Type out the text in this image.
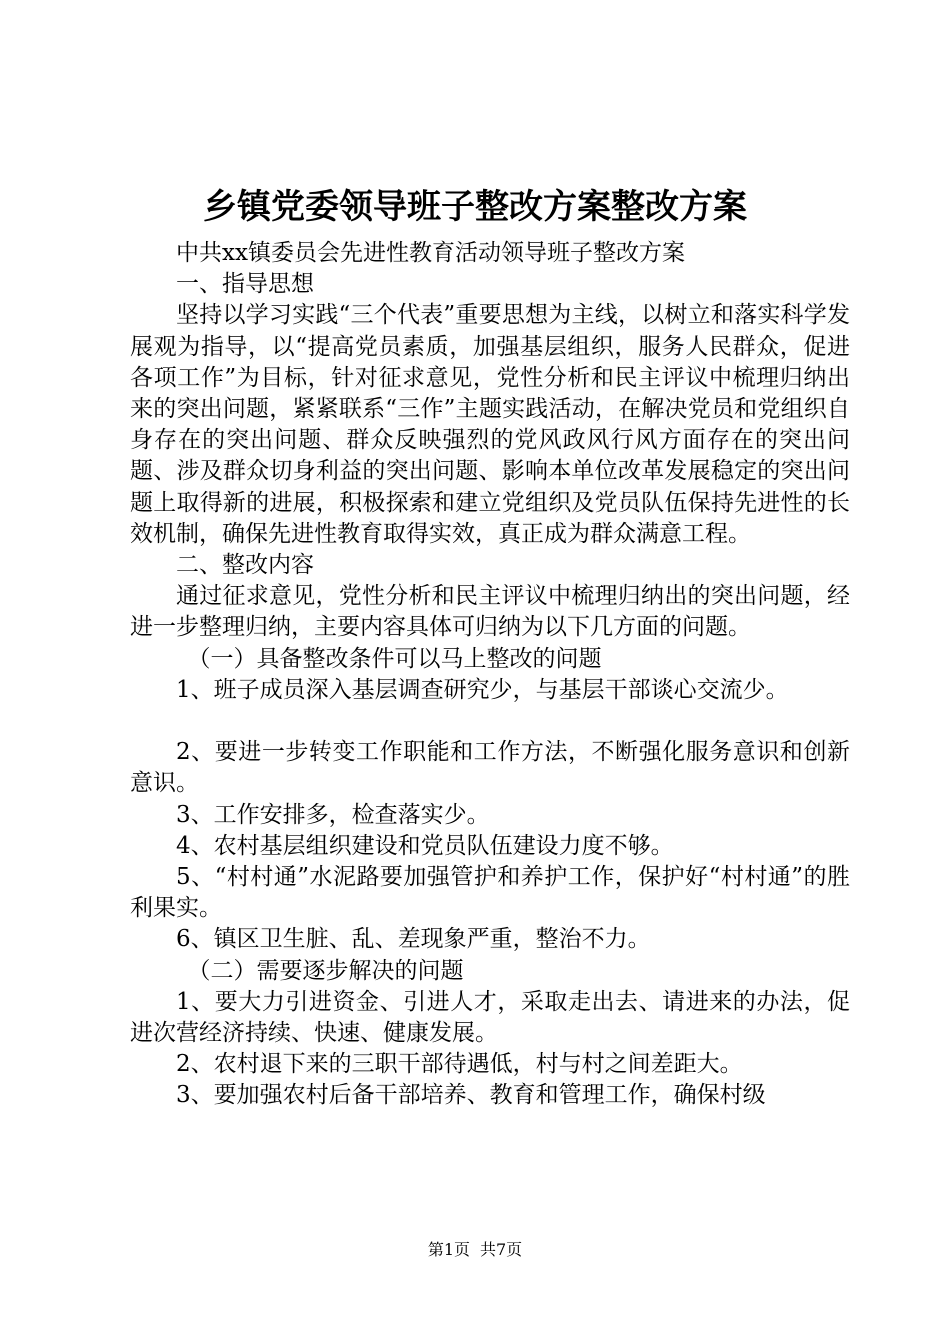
乡镇党委领导班子整改方案整改方案

中共xx镇委员会先进性教育活动领导班子整改方案

一、指导思想

坚持以学习实践“三个代表”重要思想为主线，以树立和落实科学发展观为指导，以“提高党员素质，加强基层组织，服务人民群众，促进各项工作”为目标，针对征求意见，党性分析和民主评议中梳理归纳出来的突出问题，紧紧联系“三作”主题实践活动，在解决党员和党组织自身存在的突出问题、群众反映强烈的党风政风行风方面存在的突出问题、涉及群众切身利益的突出问题、影响本单位改革发展稳定的突出问题上取得新的进展，积极探索和建立党组织及党员队伍保持先进性的长效机制，确保先进性教育取得实效，真正成为群众满意工程。

二、整改内容

通过征求意见，党性分析和民主评议中梳理归纳出的突出问题，经进一步整理归纳，主要内容具体可归纳为以下几方面的问题。

（一）具备整改条件可以马上整改的问题

1、班子成员深入基层调查研究少，与基层干部谈心交流少。

2、要进一步转变工作职能和工作方法，不断强化服务意识和创新意识。

3、工作安排多，检查落实少。

4、农村基层组织建设和党员队伍建设力度不够。

5、“村村通”水泥路要加强管护和养护工作，保护好“村村通”的胜利果实。

6、镇区卫生脏、乱、差现象严重，整治不力。

（二）需要逐步解决的问题

1、要大力引进资金、引进人才，采取走出去、请进来的办法，促进次营经济持续、快速、健康发展。

2、农村退下来的三职干部待遇低，村与村之间差距大。

3、要加强农村后备干部培养、教育和管理工作，确保村级

第1页 共7页
